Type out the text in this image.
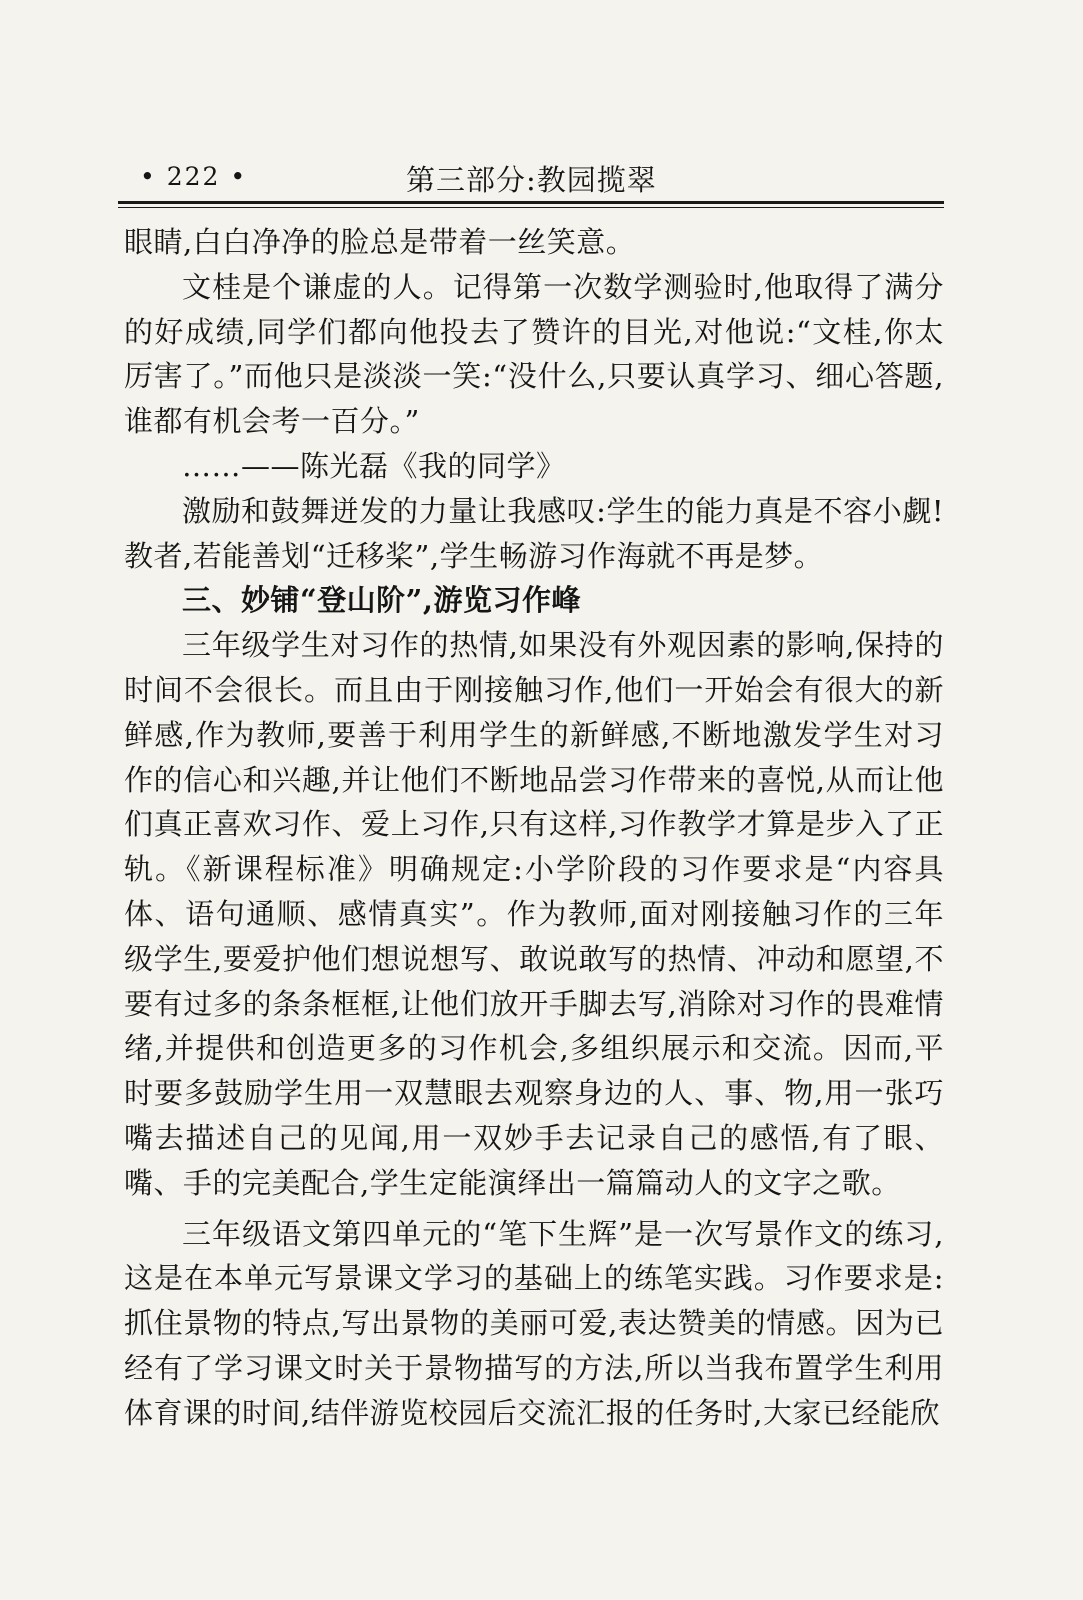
• 222 •	第三部分:教园揽翠

眼睛,白白净净的脸总是带着一丝笑意。

文桂是个谦虚的人。记得第一次数学测验时,他取得了满分的好成绩,同学们都向他投去了赞许的目光,对他说:“文桂,你太厉害了。”而他只是淡淡一笑:“没什么,只要认真学习、细心答题,谁都有机会考一百分。”

……——陈光磊《我的同学》

激励和鼓舞迸发的力量让我感叹:学生的能力真是不容小觑!教者,若能善划“迁移桨”,学生畅游习作海就不再是梦。

三、妙铺“登山阶”,游览习作峰

三年级学生对习作的热情,如果没有外观因素的影响,保持的时间不会很长。而且由于刚接触习作,他们一开始会有很大的新鲜感,作为教师,要善于利用学生的新鲜感,不断地激发学生对习作的信心和兴趣,并让他们不断地品尝习作带来的喜悦,从而让他们真正喜欢习作、爱上习作,只有这样,习作教学才算是步入了正轨。《新课程标准》明确规定:小学阶段的习作要求是“内容具体、语句通顺、感情真实”。作为教师,面对刚接触习作的三年级学生,要爱护他们想说想写、敢说敢写的热情、冲动和愿望,不要有过多的条条框框,让他们放开手脚去写,消除对习作的畏难情绪,并提供和创造更多的习作机会,多组织展示和交流。因而,平时要多鼓励学生用一双慧眼去观察身边的人、事、物,用一张巧嘴去描述自己的见闻,用一双妙手去记录自己的感悟,有了眼、嘴、手的完美配合,学生定能演绎出一篇篇动人的文字之歌。

三年级语文第四单元的“笔下生辉”是一次写景作文的练习,这是在本单元写景课文学习的基础上的练笔实践。习作要求是:抓住景物的特点,写出景物的美丽可爱,表达赞美的情感。因为已经有了学习课文时关于景物描写的方法,所以当我布置学生利用体育课的时间,结伴游览校园后交流汇报的任务时,大家已经能欣
